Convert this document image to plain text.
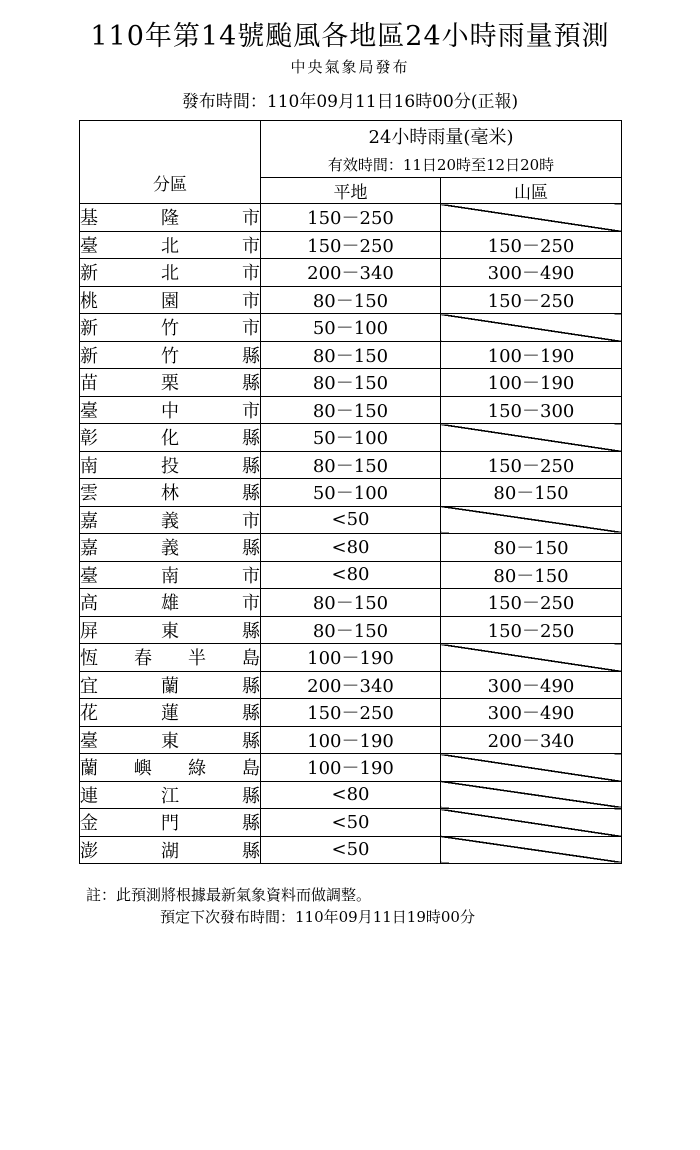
110年第14號颱風各地區24小時雨量預測
中央氣象局發布
發布時間：110年09月11日16時00分(正報)
分區	24小時雨量(毫米)	
	有效時間：11日20時至12日20時	
	平地	山區

基 隆 市	150－250	

臺 北 市	150－250	150－250

新 北 市	200－340	300－490

桃 園 市	80－150	150－250

新 竹 市	50－100	

新 竹 縣	80－150	100－190

苗 栗 縣	80－150	100－190

臺 中 市	80－150	150－300

彰 化 縣	50－100	

南 投 縣	80－150	150－250

雲 林 縣	50－100	80－150

嘉 義 市	<50	

嘉 義 縣	<80	80－150

臺 南 市	<80	80－150

高 雄 市	80－150	150－250

屏 東 縣	80－150	150－250

恆 春 半 島	100－190	

宜 蘭 縣	200－340	300－490

花 蓮 縣	150－250	300－490

臺 東 縣	100－190	200－340

蘭 嶼 綠 島	100－190	

連 江 縣	<80	

金 門 縣	<50	

澎 湖 縣	<50	
註：此預測將根據最新氣象資料而做調整。
預定下次發布時間：110年09月11日19時00分
